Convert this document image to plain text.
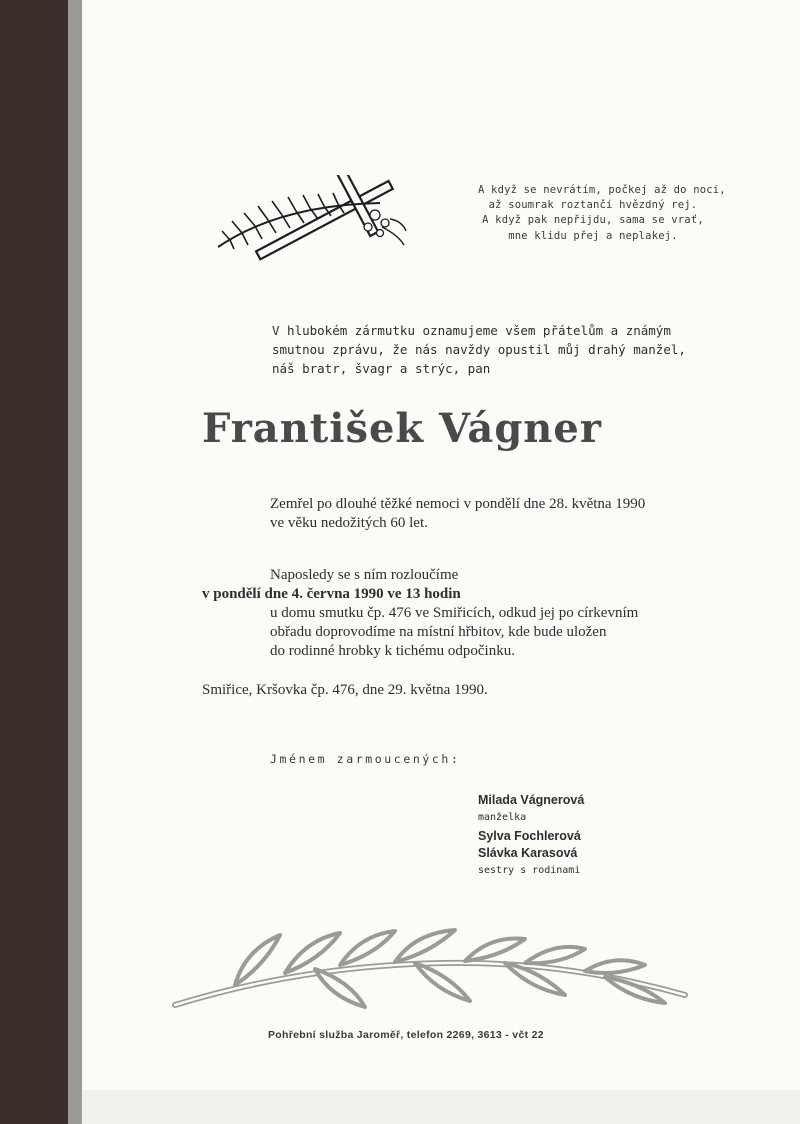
A když se nevrátím, počkej až do noci,
až soumrak roztančí hvězdný rej.
A když pak nepřijdu, sama se vrať,
mne klidu přej a neplakej.
V hlubokém zármutku oznamujeme všem přátelům a známým
smutnou zprávu, že nás navždy opustil můj drahý manžel,
náš bratr, švagr a strýc, pan
František Vágner
Zemřel po dlouhé těžké nemoci v pondělí dne 28. května 1990
ve věku nedožitých 60 let.
Naposledy se s ním rozloučíme
v pondělí dne 4. června 1990 ve 13 hodin
u domu smutku čp. 476 ve Smiřicích, odkud jej po církevním
obřadu doprovodíme na místní hřbitov, kde bude uložen
do rodinné hrobky k tichému odpočinku.
Smiřice, Kršovka čp. 476, dne 29. května 1990.
Jménem zarmoucených:
Milada Vágnerová
manželka
Sylva Fochlerová
Slávka Karasová
sestry s rodinami
Pohřební služba Jaroměř, telefon 2269, 3613 - včt 22
